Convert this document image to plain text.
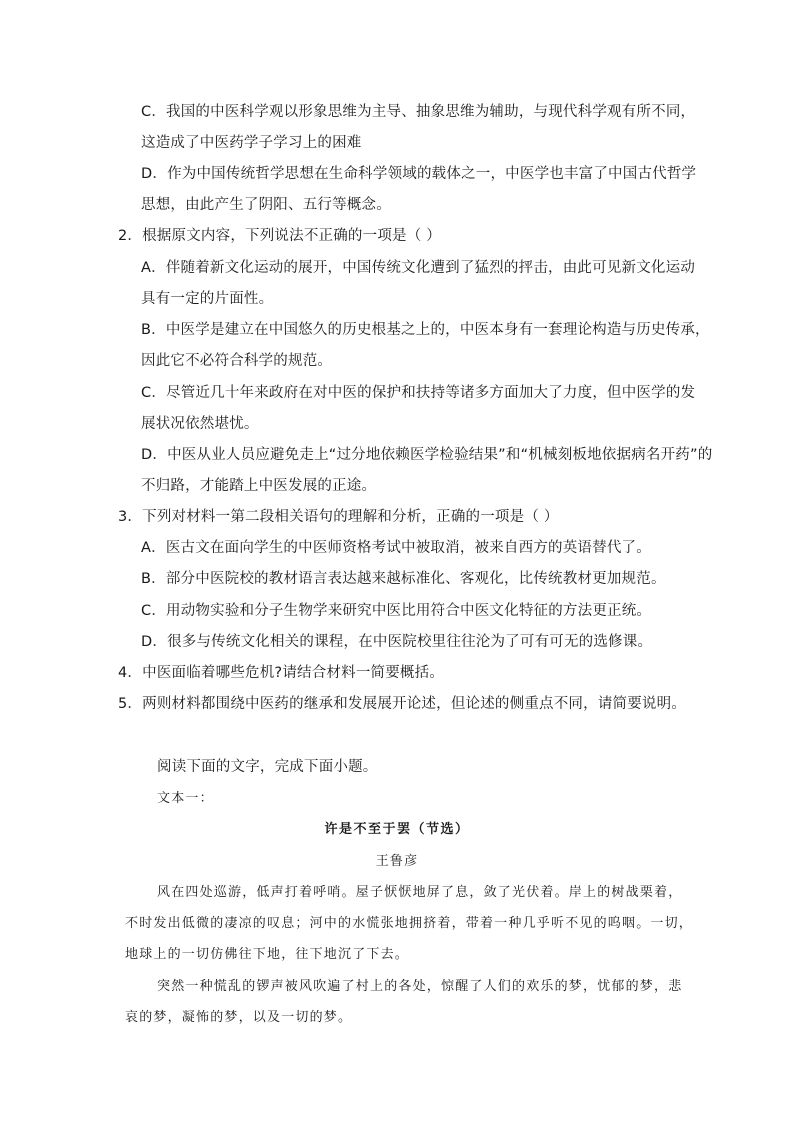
C．我国的中医科学观以形象思维为主导、抽象思维为辅助，与现代科学观有所不同，
这造成了中医药学子学习上的困难
D．作为中国传统哲学思想在生命科学领域的载体之一，中医学也丰富了中国古代哲学
思想，由此产生了阴阳、五行等概念。
2．根据原文内容，下列说法不正确的一项是（ ）
A．伴随着新文化运动的展开，中国传统文化遭到了猛烈的抨击，由此可见新文化运动
具有一定的片面性。
B．中医学是建立在中国悠久的历史根基之上的，中医本身有一套理论构造与历史传承，
因此它不必符合科学的规范。
C．尽管近几十年来政府在对中医的保护和扶持等诸多方面加大了力度，但中医学的发
展状况依然堪忧。
D．中医从业人员应避免走上“过分地依赖医学检验结果”和“机械刻板地依据病名开药”的
不归路，才能踏上中医发展的正途。
3．下列对材料一第二段相关语句的理解和分析，正确的一项是（ ）
A．医古文在面向学生的中医师资格考试中被取消，被来自西方的英语替代了。
B．部分中医院校的教材语言表达越来越标准化、客观化，比传统教材更加规范。
C．用动物实验和分子生物学来研究中医比用符合中医文化特征的方法更正统。
D．很多与传统文化相关的课程，在中医院校里往往沦为了可有可无的选修课。
4．中医面临着哪些危机?请结合材料一简要概括。
5．两则材料都围绕中医药的继承和发展展开论述，但论述的侧重点不同，请简要说明。
阅读下面的文字，完成下面小题。
文本一：
许是不至于罢（节选）
王鲁彦
风在四处巡游，低声打着呼哨。屋子恹恹地屏了息，敛了光伏着。岸上的树战栗着，
不时发出低微的凄凉的叹息；河中的水慌张地拥挤着，带着一种几乎听不见的呜咽。一切，
地球上的一切仿佛往下地，往下地沉了下去。
突然一种慌乱的锣声被风吹遍了村上的各处，惊醒了人们的欢乐的梦，忧郁的梦，悲
哀的梦，凝怖的梦，以及一切的梦。
